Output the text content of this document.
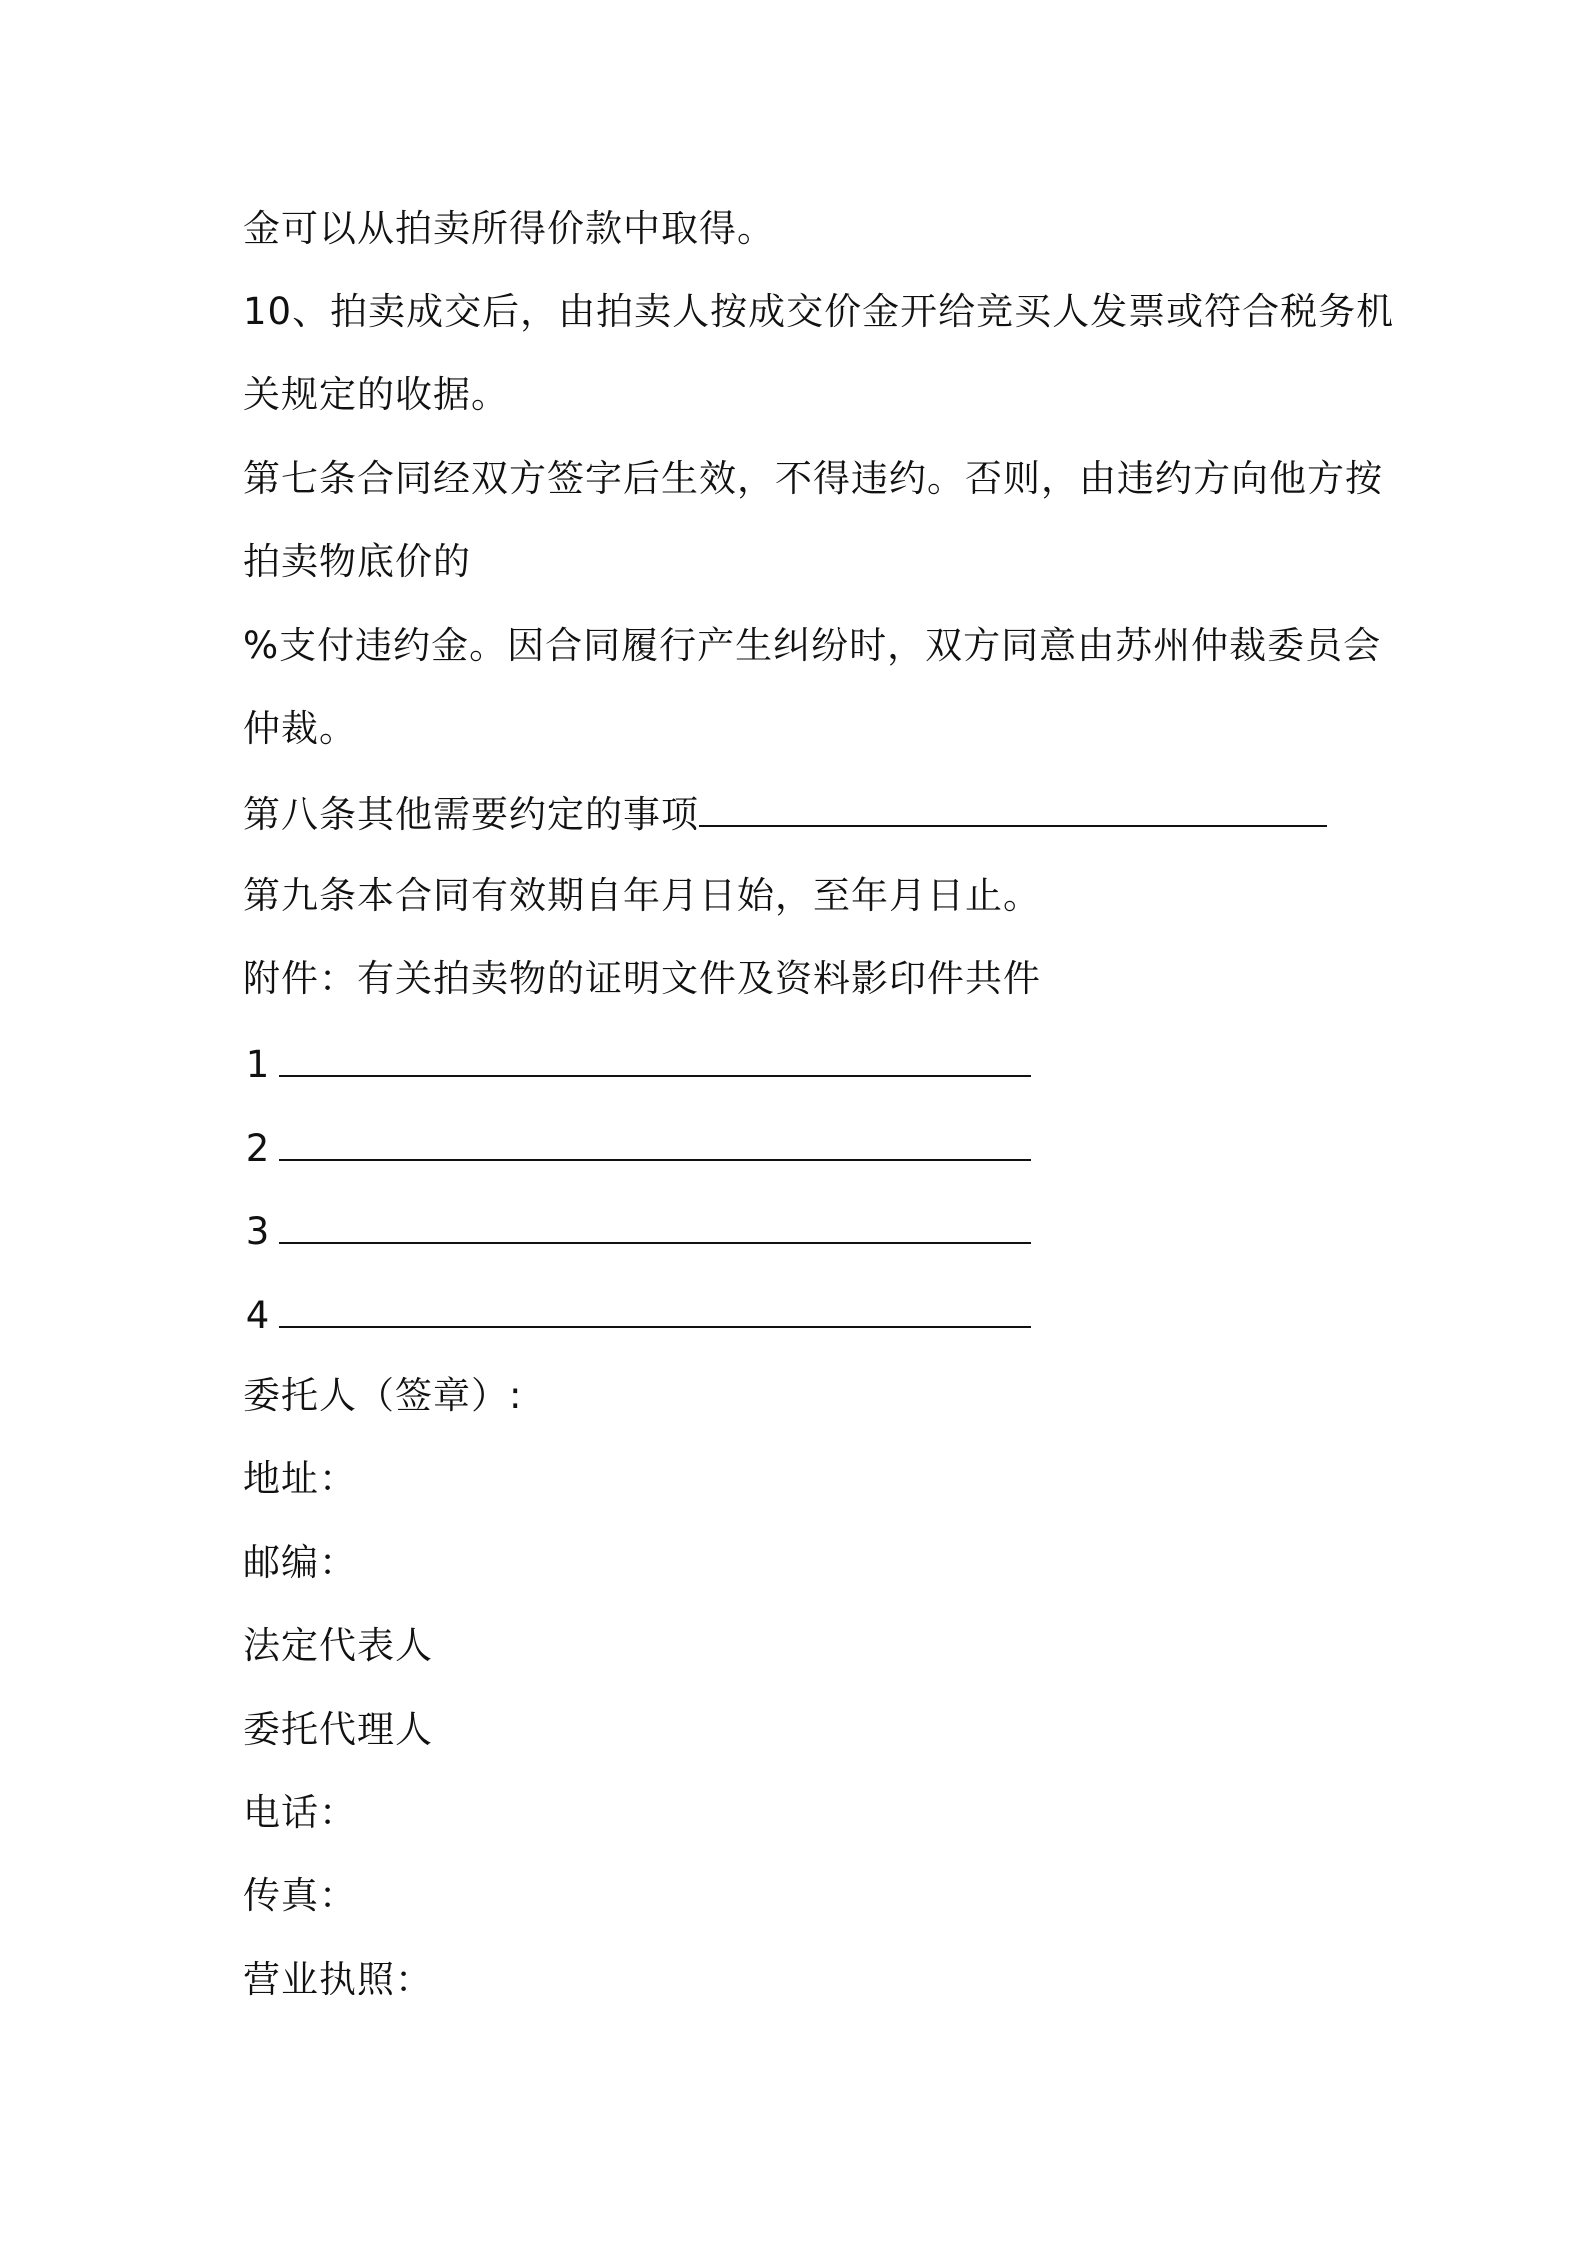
金可以从拍卖所得价款中取得。
10、拍卖成交后，由拍卖人按成交价金开给竞买人发票或符合税务机
关规定的收据。
第七条合同经双方签字后生效，不得违约。否则，由违约方向他方按
拍卖物底价的
%支付违约金。因合同履行产生纠纷时，双方同意由苏州仲裁委员会
仲裁。
第八条其他需要约定的事项
第九条本合同有效期自年月日始，至年月日止。
附件：有关拍卖物的证明文件及资料影印件共件
1
2
3
4
委托人（签章）:
地址：
邮编：
法定代表人
委托代理人
电话：
传真：
营业执照：
